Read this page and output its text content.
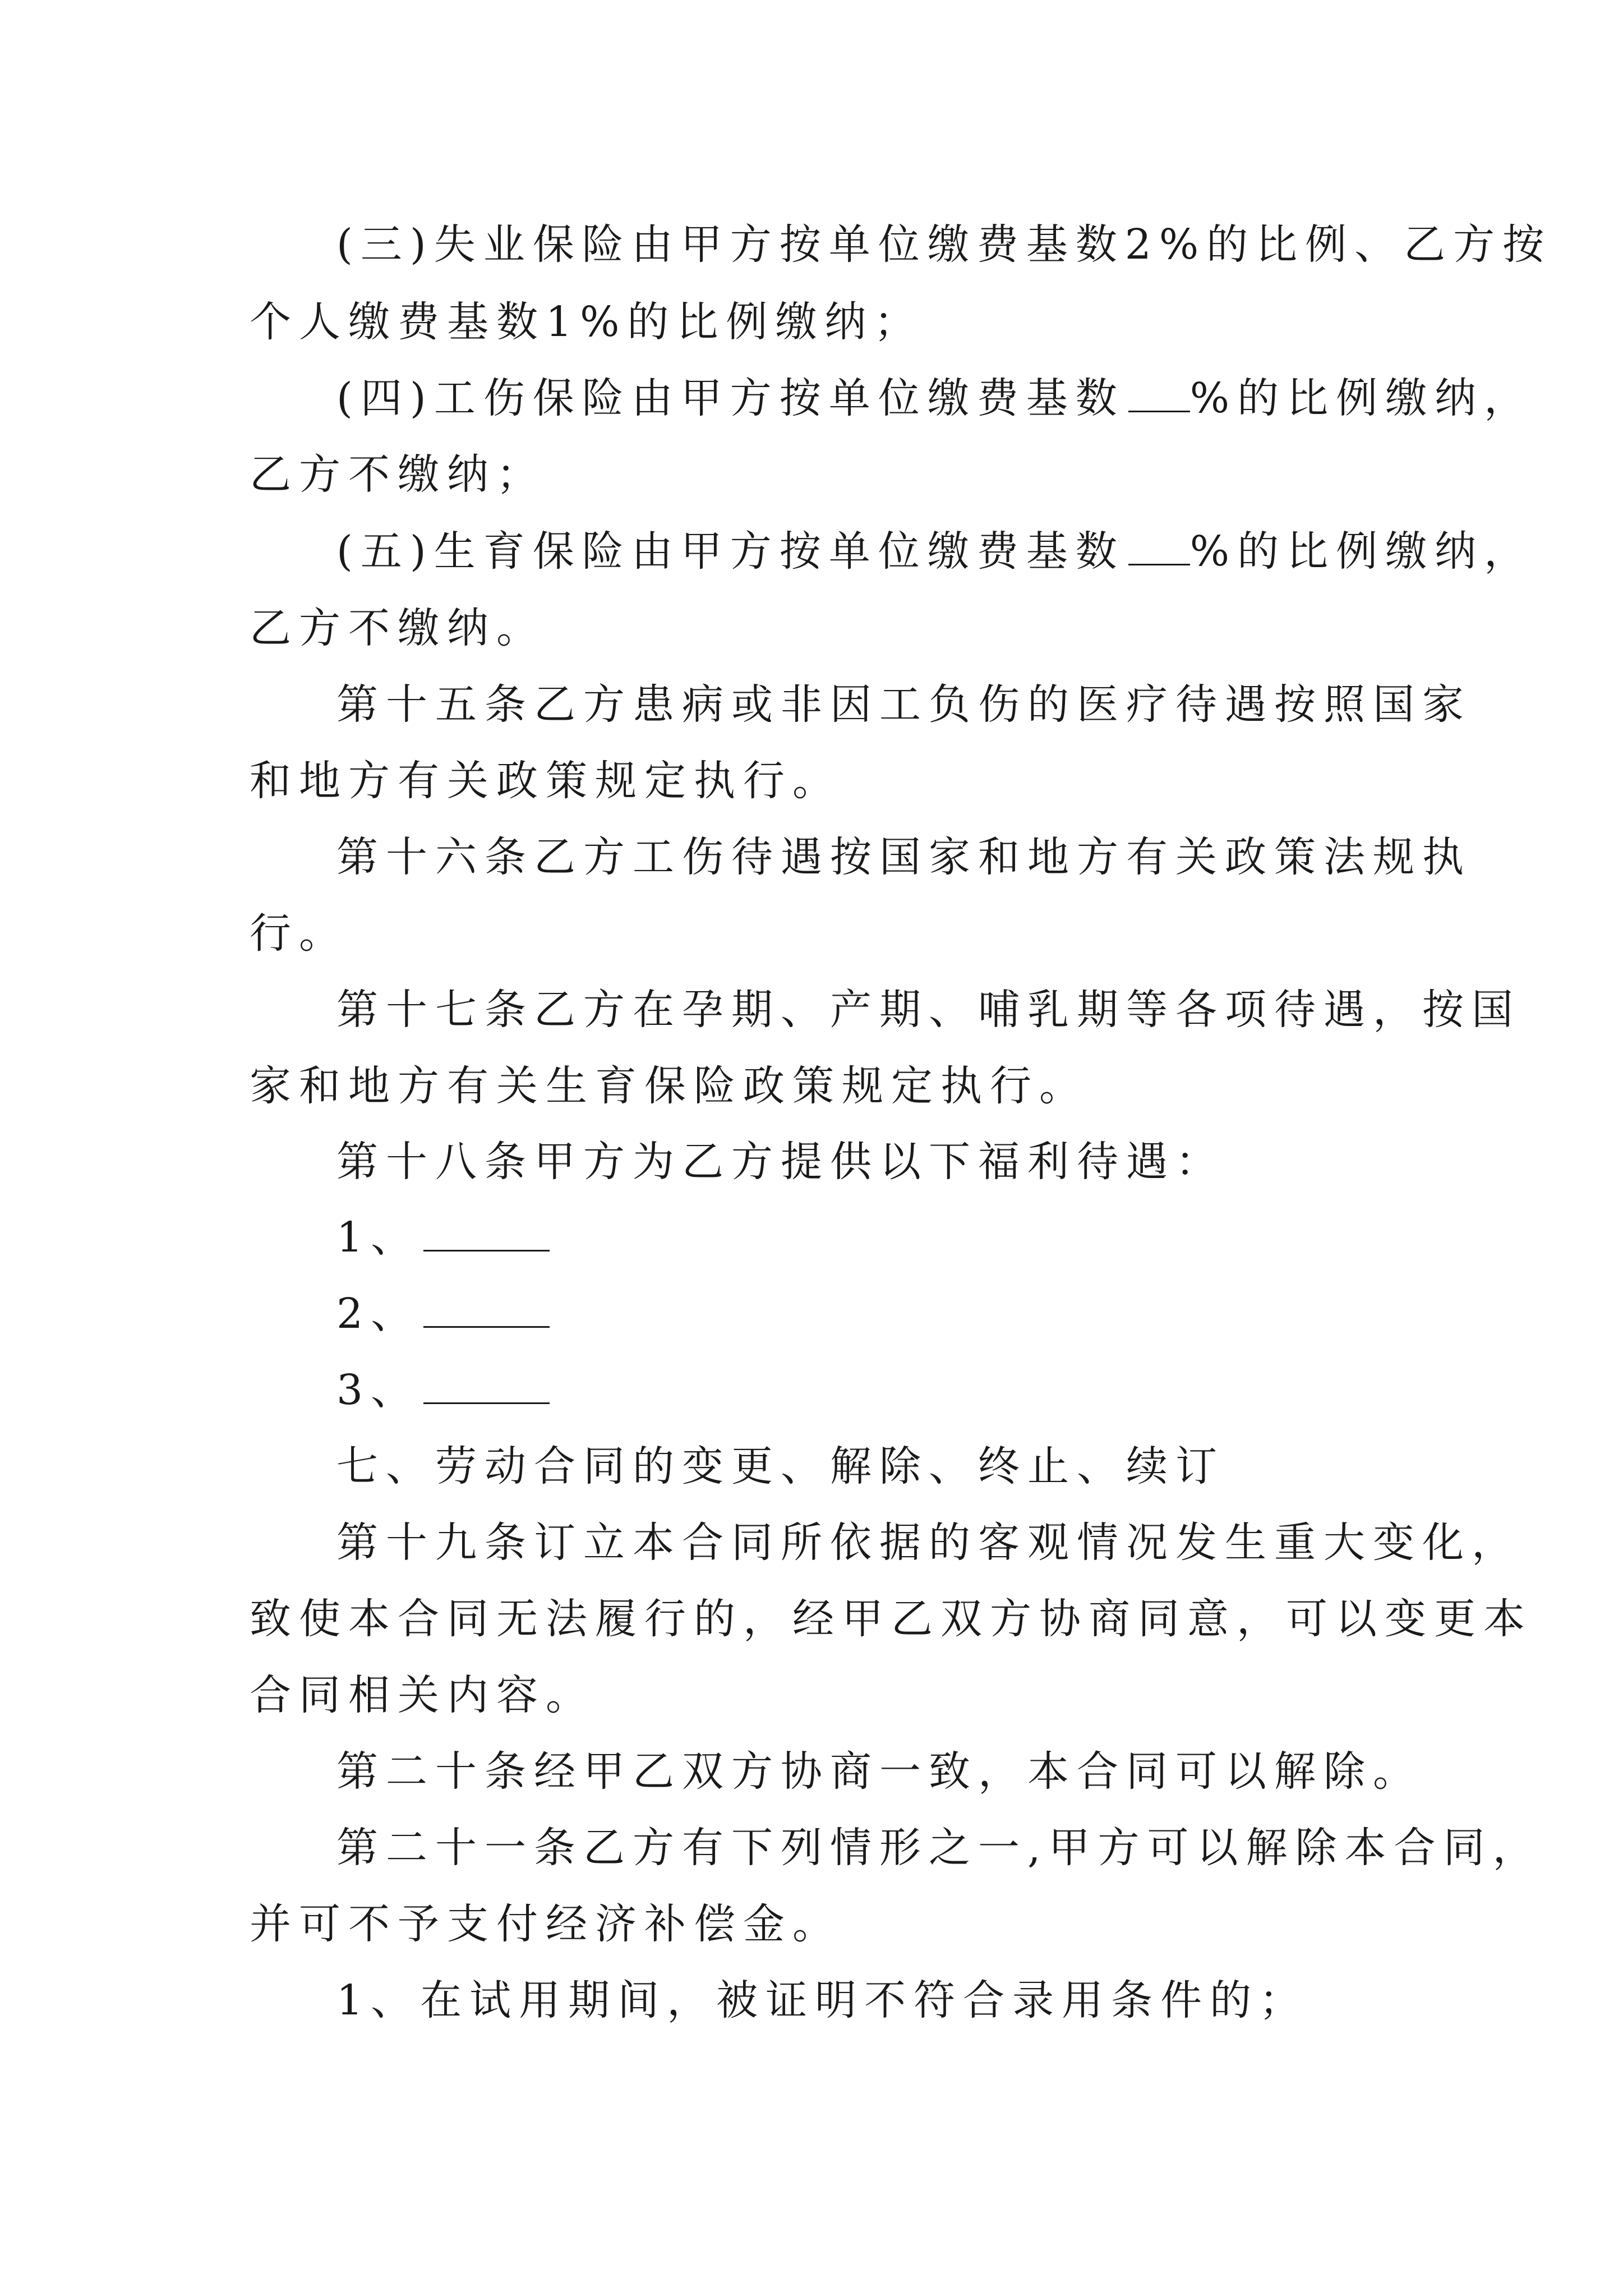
(三)失业保险由甲方按单位缴费基数2%的比例、乙方按
个人缴费基数1%的比例缴纳；
(四)工伤保险由甲方按单位缴费基数 %的比例缴纳，
乙方不缴纳；
(五)生育保险由甲方按单位缴费基数 %的比例缴纳，
乙方不缴纳。
第十五条乙方患病或非因工负伤的医疗待遇按照国家
和地方有关政策规定执行。
第十六条乙方工伤待遇按国家和地方有关政策法规执
行。
第十七条乙方在孕期、产期、哺乳期等各项待遇，按国
家和地方有关生育保险政策规定执行。
第十八条甲方为乙方提供以下福利待遇：
1、
2、
3、
七、劳动合同的变更、解除、终止、续订
第十九条订立本合同所依据的客观情况发生重大变化，
致使本合同无法履行的，经甲乙双方协商同意，可以变更本
合同相关内容。
第二十条经甲乙双方协商一致，本合同可以解除。
第二十一条乙方有下列情形之一,甲方可以解除本合同，
并可不予支付经济补偿金。
1、在试用期间，被证明不符合录用条件的；
